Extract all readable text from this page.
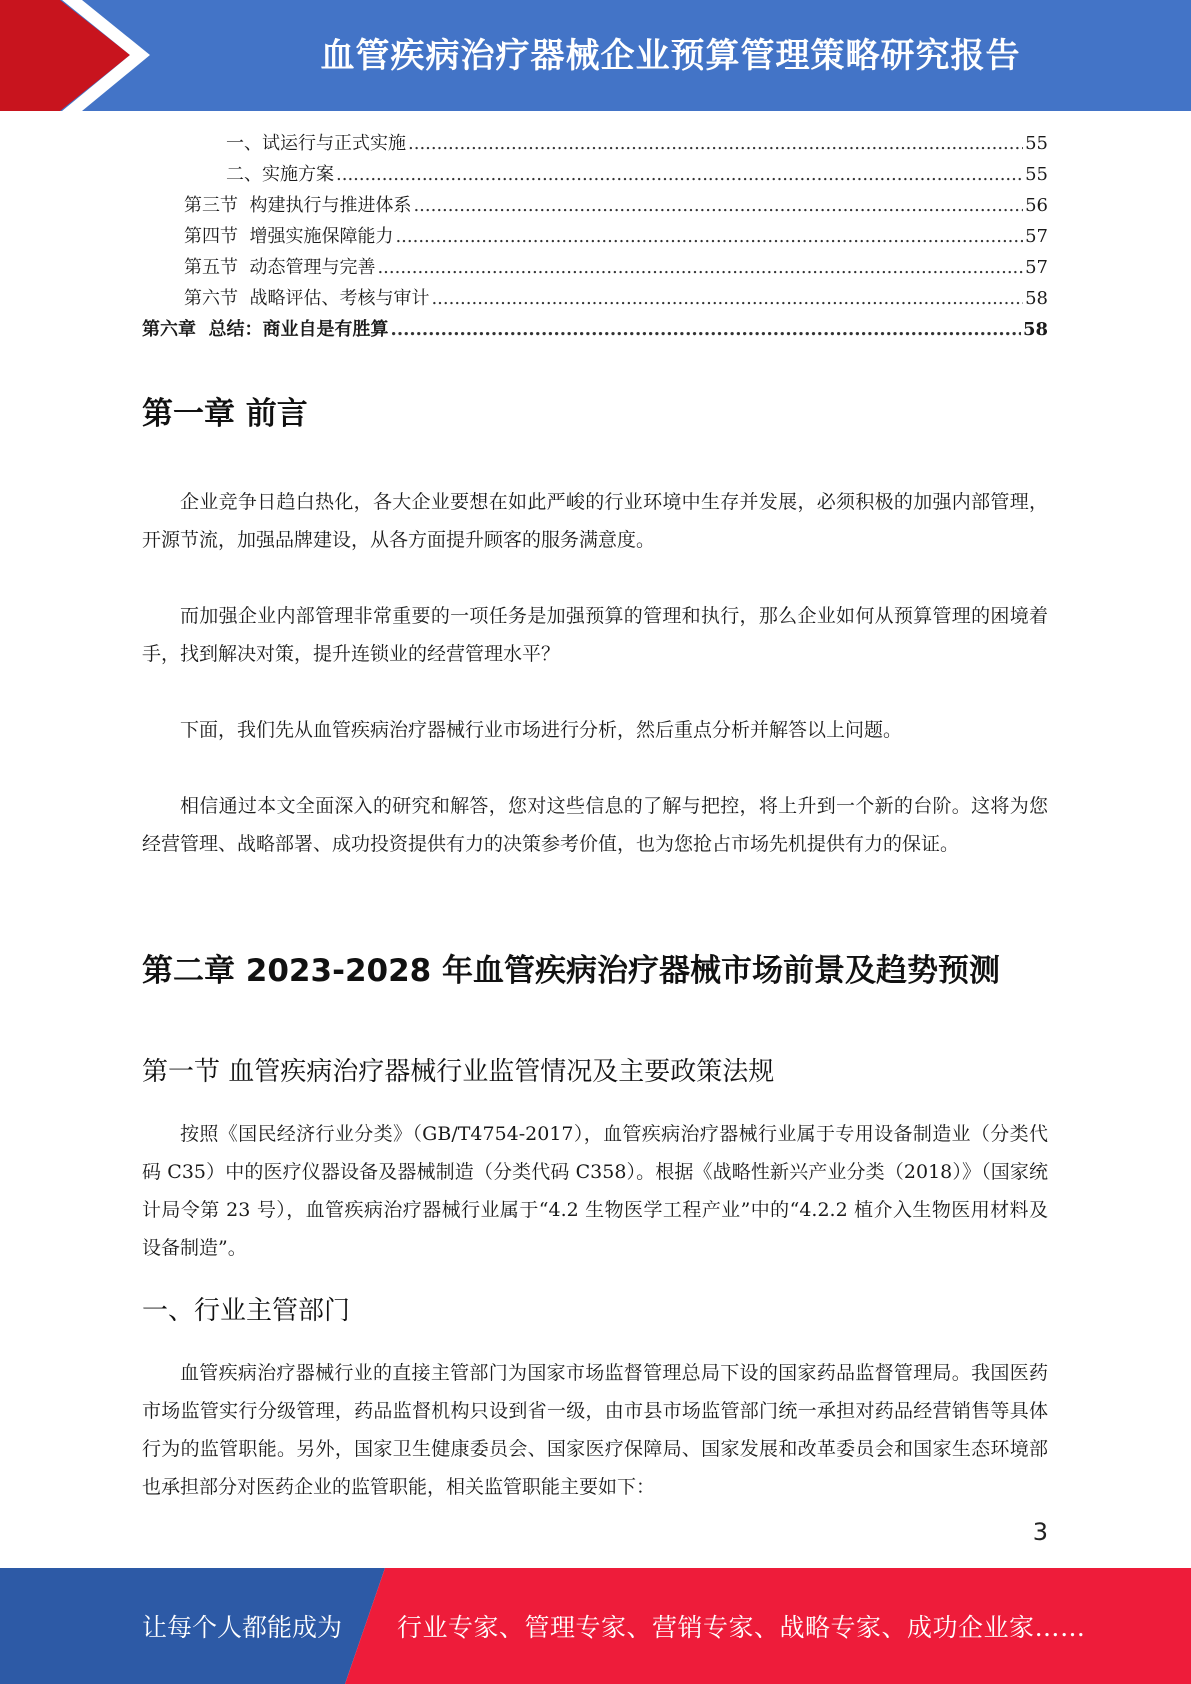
血管疾病治疗器械企业预算管理策略研究报告
一、试运行与正式实施 .....	55
二、实施方案 .....	55
第三节  构建执行与推进体系 .....	56
第四节  增强实施保障能力 .....	57
第五节  动态管理与完善 .....	57
第六节  战略评估、考核与审计 .....	58
第六章  总结：商业自是有胜算 .....	58
第一章 前言

企业竞争日趋白热化，各大企业要想在如此严峻的行业环境中生存并发展，必须积极的加强内部管理，开源节流，加强品牌建设，从各方面提升顾客的服务满意度。

而加强企业内部管理非常重要的一项任务是加强预算的管理和执行，那么企业如何从预算管理的困境着手，找到解决对策，提升连锁业的经营管理水平？

下面，我们先从血管疾病治疗器械行业市场进行分析，然后重点分析并解答以上问题。

相信通过本文全面深入的研究和解答，您对这些信息的了解与把控，将上升到一个新的台阶。这将为您经营管理、战略部署、成功投资提供有力的决策参考价值，也为您抢占市场先机提供有力的保证。

第二章 2023-2028 年血管疾病治疗器械市场前景及趋势预测
第一节 血管疾病治疗器械行业监管情况及主要政策法规

按照《国民经济行业分类》（GB/T4754-2017），血管疾病治疗器械行业属于专用设备制造业（分类代码 C35）中的医疗仪器设备及器械制造（分类代码 C358）。根据《战略性新兴产业分类（2018）》（国家统计局令第 23 号），血管疾病治疗器械行业属于“4.2 生物医学工程产业”中的“4.2.2 植介入生物医用材料及设备制造”。

一、行业主管部门

血管疾病治疗器械行业的直接主管部门为国家市场监督管理总局下设的国家药品监督管理局。我国医药市场监管实行分级管理，药品监督机构只设到省一级，由市县市场监管部门统一承担对药品经营销售等具体行为的监管职能。另外，国家卫生健康委员会、国家医疗保障局、国家发展和改革委员会和国家生态环境部也承担部分对医药企业的监管职能，相关监管职能主要如下：

3
让每个人都能成为 行业专家、管理专家、营销专家、战略专家、成功企业家……
